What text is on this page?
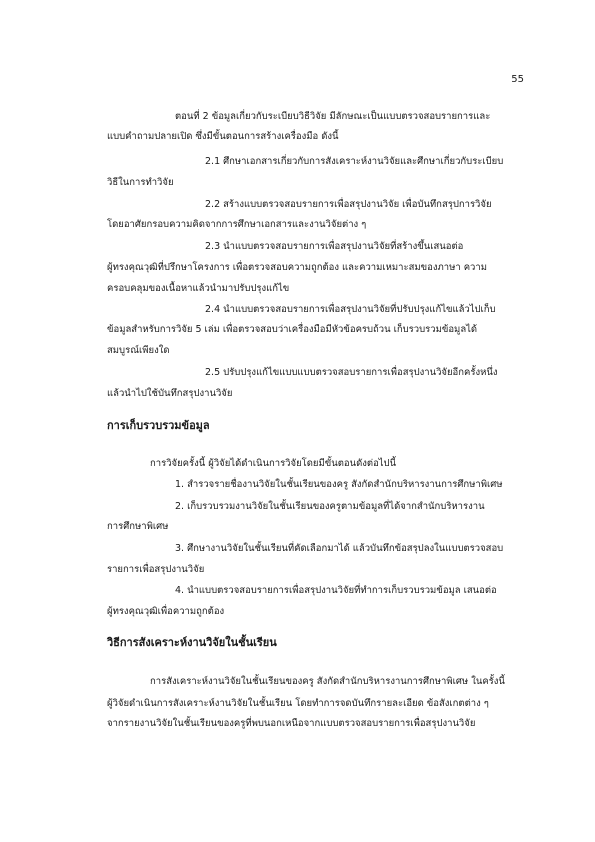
55
ตอนที่ 2 ข้อมูลเกี่ยวกับระเบียบวิธีวิจัย มีลักษณะเป็นแบบตรวจสอบรายการและ
แบบคำถามปลายเปิด ซึ่งมีขั้นตอนการสร้างเครื่องมือ ดังนี้
2.1 ศึกษาเอกสารเกี่ยวกับการสังเคราะห์งานวิจัยและศึกษาเกี่ยวกับระเบียบ
วิธีในการทำวิจัย
2.2 สร้างแบบตรวจสอบรายการเพื่อสรุปงานวิจัย เพื่อบันทึกสรุปการวิจัย
โดยอาศัยกรอบความคิดจากการศึกษาเอกสารและงานวิจัยต่าง ๆ
2.3 นำแบบตรวจสอบรายการเพื่อสรุปงานวิจัยที่สร้างขึ้นเสนอต่อ
ผู้ทรงคุณวุฒิที่ปรึกษาโครงการ เพื่อตรวจสอบความถูกต้อง และความเหมาะสมของภาษา ความ
ครอบคลุมของเนื้อหาแล้วนำมาปรับปรุงแก้ไข
2.4 นำแบบตรวจสอบรายการเพื่อสรุปงานวิจัยที่ปรับปรุงแก้ไขแล้วไปเก็บ
ข้อมูลสำหรับการวิจัย 5 เล่ม เพื่อตรวจสอบว่าเครื่องมือมีหัวข้อครบถ้วน เก็บรวบรวมข้อมูลได้
สมบูรณ์เพียงใด
2.5 ปรับปรุงแก้ไขแบบแบบตรวจสอบรายการเพื่อสรุปงานวิจัยอีกครั้งหนึ่ง
แล้วนำไปใช้บันทึกสรุปงานวิจัย
การเก็บรวบรวมข้อมูล
การวิจัยครั้งนี้ ผู้วิจัยได้ดำเนินการวิจัยโดยมีขั้นตอนดังต่อไปนี้
1. สำรวจรายชื่องานวิจัยในชั้นเรียนของครู สังกัดสำนักบริหารงานการศึกษาพิเศษ
2. เก็บรวบรวมงานวิจัยในชั้นเรียนของครูตามข้อมูลที่ได้จากสำนักบริหารงาน
การศึกษาพิเศษ
3. ศึกษางานวิจัยในชั้นเรียนที่คัดเลือกมาได้ แล้วบันทึกข้อสรุปลงในแบบตรวจสอบ
รายการเพื่อสรุปงานวิจัย
4. นำแบบตรวจสอบรายการเพื่อสรุปงานวิจัยที่ทำการเก็บรวบรวมข้อมูล เสนอต่อ
ผู้ทรงคุณวุฒิเพื่อความถูกต้อง
วิธีการสังเคราะห์งานวิจัยในชั้นเรียน
การสังเคราะห์งานวิจัยในชั้นเรียนของครู สังกัดสำนักบริหารงานการศึกษาพิเศษ ในครั้งนี้
ผู้วิจัยดำเนินการสังเคราะห์งานวิจัยในชั้นเรียน โดยทำการจดบันทึกรายละเอียด ข้อสังเกตต่าง ๆ
จากรายงานวิจัยในชั้นเรียนของครูที่พบนอกเหนือจากแบบตรวจสอบรายการเพื่อสรุปงานวิจัย
